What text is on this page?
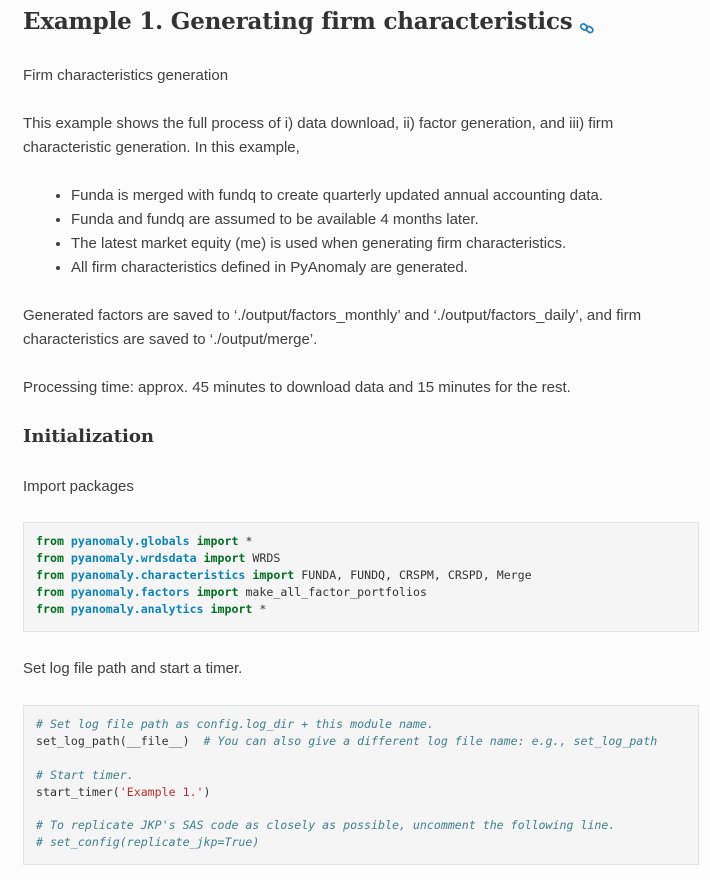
Example 1. Generating firm characteristics

Firm characteristics generation

This example shows the full process of i) data download, ii) factor generation, and iii) firm characteristic generation. In this example,

• Funda is merged with fundq to create quarterly updated annual accounting data.
• Funda and fundq are assumed to be available 4 months later.
• The latest market equity (me) is used when generating firm characteristics.
• All firm characteristics defined in PyAnomaly are generated.

Generated factors are saved to ‘./output/factors_monthly’ and ‘./output/factors_daily’, and firm characteristics are saved to ‘./output/merge’.

Processing time: approx. 45 minutes to download data and 15 minutes for the rest.

Initialization

Import packages

from pyanomaly.globals import *
from pyanomaly.wrdsdata import WRDS
from pyanomaly.characteristics import FUNDA, FUNDQ, CRSPM, CRSPD, Merge
from pyanomaly.factors import make_all_factor_portfolios
from pyanomaly.analytics import *

Set log file path and start a timer.

# Set log file path as config.log_dir + this module name.
set_log_path(__file__) # You can also give a different log file name: e.g., set_log_path

# Start timer.
start_timer('Example 1.')

# To replicate JKP's SAS code as closely as possible, uncomment the following line.
# set_config(replicate_jkp=True)
